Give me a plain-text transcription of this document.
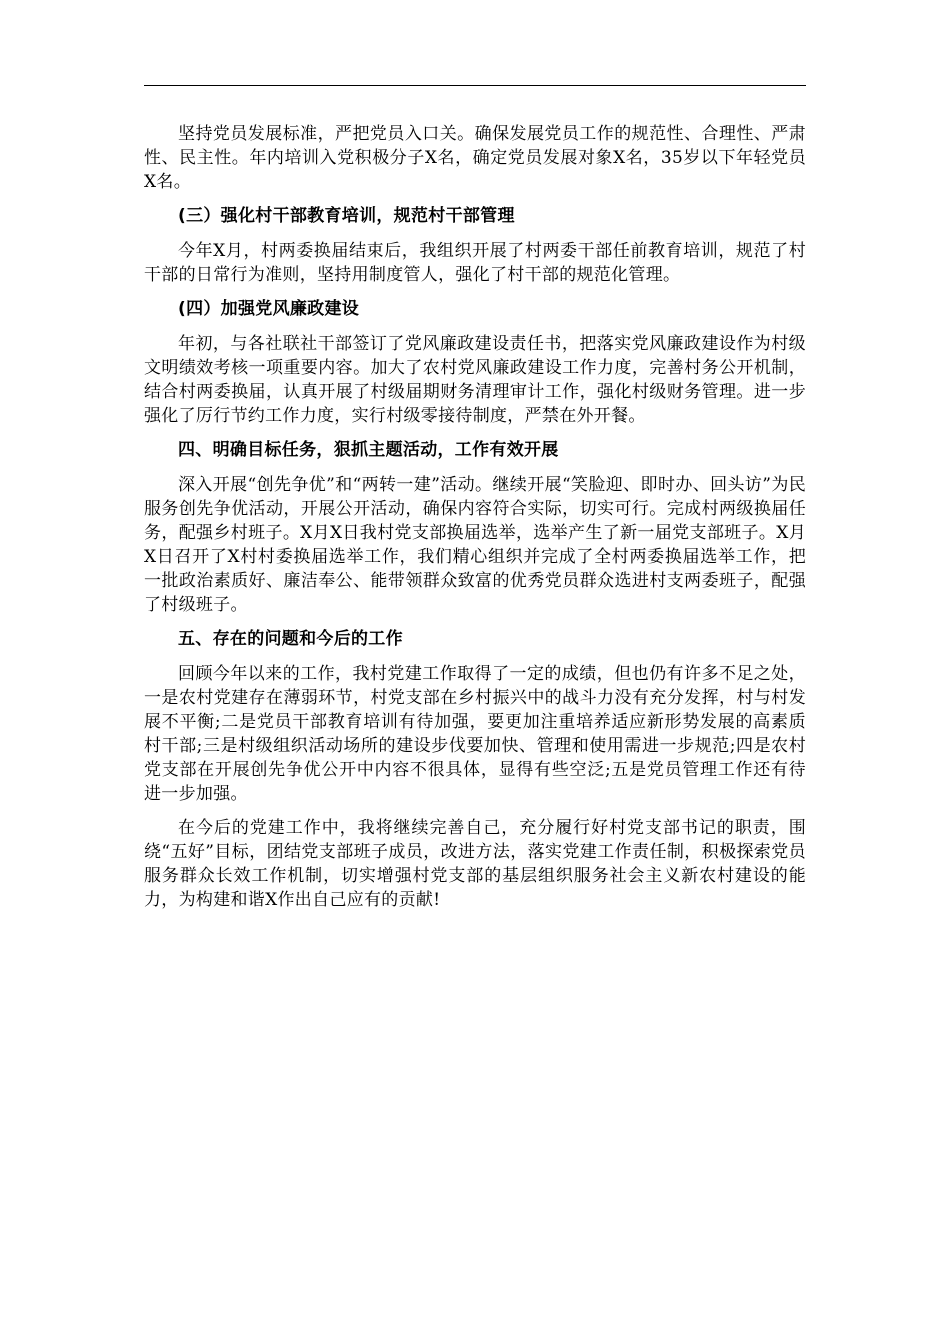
坚持党员发展标准，严把党员入口关。确保发展党员工作的规范性、合理性、严肃性、民主性。年内培训入党积极分子X名，确定党员发展对象X名，35岁以下年轻党员X名。

(三）强化村干部教育培训，规范村干部管理

今年X月，村两委换届结束后，我组织开展了村两委干部任前教育培训，规范了村干部的日常行为准则，坚持用制度管人，强化了村干部的规范化管理。

(四）加强党风廉政建设

年初，与各社联社干部签订了党风廉政建设责任书，把落实党风廉政建设作为村级文明绩效考核一项重要内容。加大了农村党风廉政建设工作力度，完善村务公开机制，结合村两委换届，认真开展了村级届期财务清理审计工作，强化村级财务管理。进一步强化了厉行节约工作力度，实行村级零接待制度，严禁在外开餐。

四、明确目标任务，狠抓主题活动，工作有效开展

深入开展“创先争优”和“两转一建”活动。继续开展“笑脸迎、即时办、回头访”为民服务创先争优活动，开展公开活动，确保内容符合实际，切实可行。完成村两级换届任务，配强乡村班子。X月X日我村党支部换届选举，选举产生了新一届党支部班子。X月X日召开了X村村委换届选举工作，我们精心组织并完成了全村两委换届选举工作，把一批政治素质好、廉洁奉公、能带领群众致富的优秀党员群众选进村支两委班子，配强了村级班子。

五、存在的问题和今后的工作

回顾今年以来的工作，我村党建工作取得了一定的成绩，但也仍有许多不足之处，一是农村党建存在薄弱环节，村党支部在乡村振兴中的战斗力没有充分发挥，村与村发展不平衡;二是党员干部教育培训有待加强，要更加注重培养适应新形势发展的高素质村干部;三是村级组织活动场所的建设步伐要加快、管理和使用需进一步规范;四是农村党支部在开展创先争优公开中内容不很具体，显得有些空泛;五是党员管理工作还有待进一步加强。

在今后的党建工作中，我将继续完善自己，充分履行好村党支部书记的职责，围绕“五好”目标，团结党支部班子成员，改进方法，落实党建工作责任制，积极探索党员服务群众长效工作机制，切实增强村党支部的基层组织服务社会主义新农村建设的能力，为构建和谐X作出自己应有的贡献!
